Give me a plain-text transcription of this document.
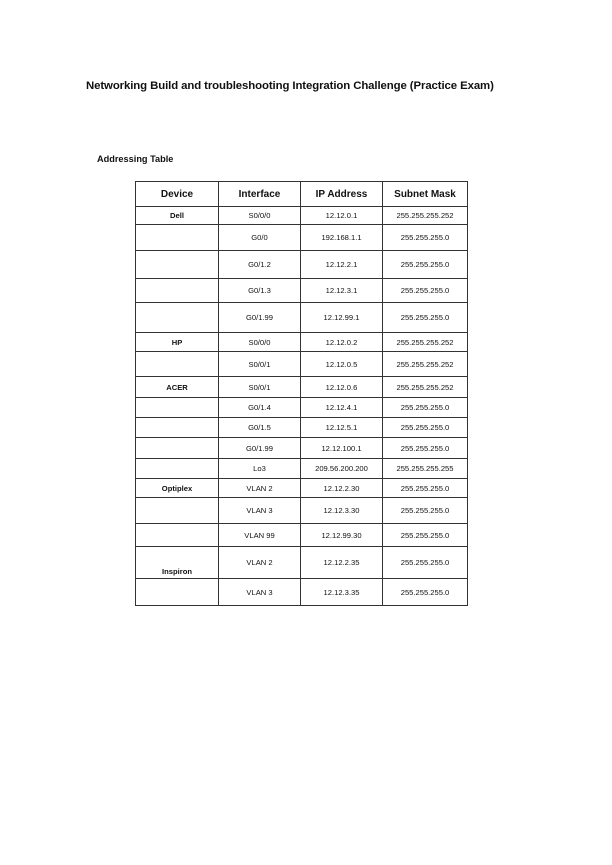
Networking Build and troubleshooting Integration Challenge (Practice Exam)
Addressing Table
Device	Interface	IP Address	Subnet Mask
Dell	S0/0/0	12.12.0.1	255.255.255.252
	G0/0	192.168.1.1	255.255.255.0
	G0/1.2	12.12.2.1	255.255.255.0
	G0/1.3	12.12.3.1	255.255.255.0
	G0/1.99	12.12.99.1	255.255.255.0
HP	S0/0/0	12.12.0.2	255.255.255.252
	S0/0/1	12.12.0.5	255.255.255.252
ACER	S0/0/1	12.12.0.6	255.255.255.252
	G0/1.4	12.12.4.1	255.255.255.0
	G0/1.5	12.12.5.1	255.255.255.0
	G0/1.99	12.12.100.1	255.255.255.0
	Lo3	209.56.200.200	255.255.255.255
Optiplex	VLAN 2	12.12.2.30	255.255.255.0
	VLAN 3	12.12.3.30	255.255.255.0
	VLAN 99	12.12.99.30	255.255.255.0
Inspiron	VLAN 2	12.12.2.35	255.255.255.0
	VLAN 3	12.12.3.35	255.255.255.0
